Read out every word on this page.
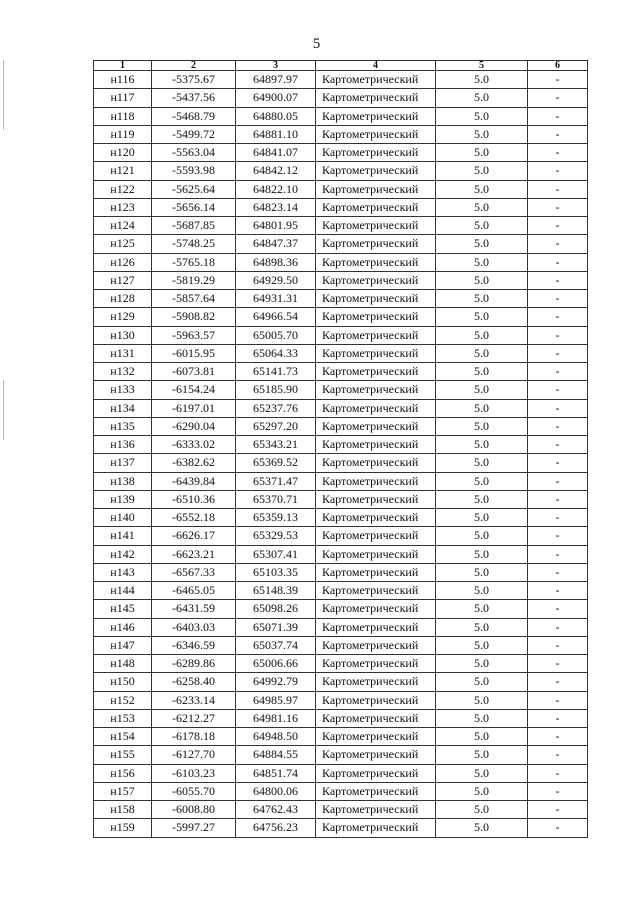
5
1	2	3	4	5	6
н116	-5375.67	64897.97	Картометрический	5.0	-
н117	-5437.56	64900.07	Картометрический	5.0	-
н118	-5468.79	64880.05	Картометрический	5.0	-
н119	-5499.72	64881.10	Картометрический	5.0	-
н120	-5563.04	64841.07	Картометрический	5.0	-
н121	-5593.98	64842.12	Картометрический	5.0	-
н122	-5625.64	64822.10	Картометрический	5.0	-
н123	-5656.14	64823.14	Картометрический	5.0	-
н124	-5687.85	64801.95	Картометрический	5.0	-
н125	-5748.25	64847.37	Картометрический	5.0	-
н126	-5765.18	64898.36	Картометрический	5.0	-
н127	-5819.29	64929.50	Картометрический	5.0	-
н128	-5857.64	64931.31	Картометрический	5.0	-
н129	-5908.82	64966.54	Картометрический	5.0	-
н130	-5963.57	65005.70	Картометрический	5.0	-
н131	-6015.95	65064.33	Картометрический	5.0	-
н132	-6073.81	65141.73	Картометрический	5.0	-
н133	-6154.24	65185.90	Картометрический	5.0	-
н134	-6197.01	65237.76	Картометрический	5.0	-
н135	-6290.04	65297.20	Картометрический	5.0	-
н136	-6333.02	65343.21	Картометрический	5.0	-
н137	-6382.62	65369.52	Картометрический	5.0	-
н138	-6439.84	65371.47	Картометрический	5.0	-
н139	-6510.36	65370.71	Картометрический	5.0	-
н140	-6552.18	65359.13	Картометрический	5.0	-
н141	-6626.17	65329.53	Картометрический	5.0	-
н142	-6623.21	65307.41	Картометрический	5.0	-
н143	-6567.33	65103.35	Картометрический	5.0	-
н144	-6465.05	65148.39	Картометрический	5.0	-
н145	-6431.59	65098.26	Картометрический	5.0	-
н146	-6403.03	65071.39	Картометрический	5.0	-
н147	-6346.59	65037.74	Картометрический	5.0	-
н148	-6289.86	65006.66	Картометрический	5.0	-
н150	-6258.40	64992.79	Картометрический	5.0	-
н152	-6233.14	64985.97	Картометрический	5.0	-
н153	-6212.27	64981.16	Картометрический	5.0	-
н154	-6178.18	64948.50	Картометрический	5.0	-
н155	-6127.70	64884.55	Картометрический	5.0	-
н156	-6103.23	64851.74	Картометрический	5.0	-
н157	-6055.70	64800.06	Картометрический	5.0	-
н158	-6008.80	64762.43	Картометрический	5.0	-
н159	-5997.27	64756.23	Картометрический	5.0	-
